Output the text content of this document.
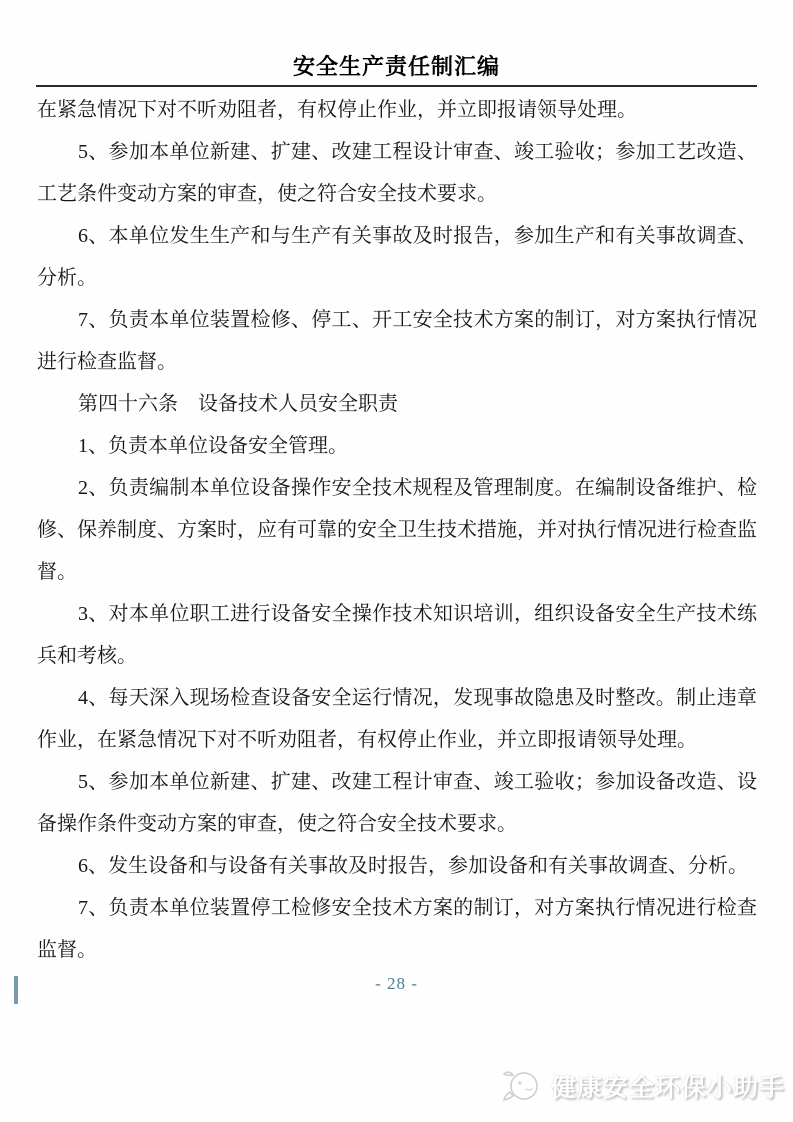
安全生产责任制汇编

在紧急情况下对不听劝阻者，有权停止作业，并立即报请领导处理。

5、参加本单位新建、扩建、改建工程设计审查、竣工验收；参加工艺改造、工艺条件变动方案的审查，使之符合安全技术要求。

6、本单位发生生产和与生产有关事故及时报告，参加生产和有关事故调查、分析。

7、负责本单位装置检修、停工、开工安全技术方案的制订，对方案执行情况进行检查监督。

第四十六条　设备技术人员安全职责

1、负责本单位设备安全管理。

2、负责编制本单位设备操作安全技术规程及管理制度。在编制设备维护、检修、保养制度、方案时，应有可靠的安全卫生技术措施，并对执行情况进行检查监督。

3、对本单位职工进行设备安全操作技术知识培训，组织设备安全生产技术练兵和考核。

4、每天深入现场检查设备安全运行情况，发现事故隐患及时整改。制止违章作业，在紧急情况下对不听劝阻者，有权停止作业，并立即报请领导处理。

5、参加本单位新建、扩建、改建工程计审查、竣工验收；参加设备改造、设备操作条件变动方案的审查，使之符合安全技术要求。

6、发生设备和与设备有关事故及时报告，参加设备和有关事故调查、分析。

7、负责本单位装置停工检修安全技术方案的制订，对方案执行情况进行检查监督。

- 28 -
健康安全环保小助手
